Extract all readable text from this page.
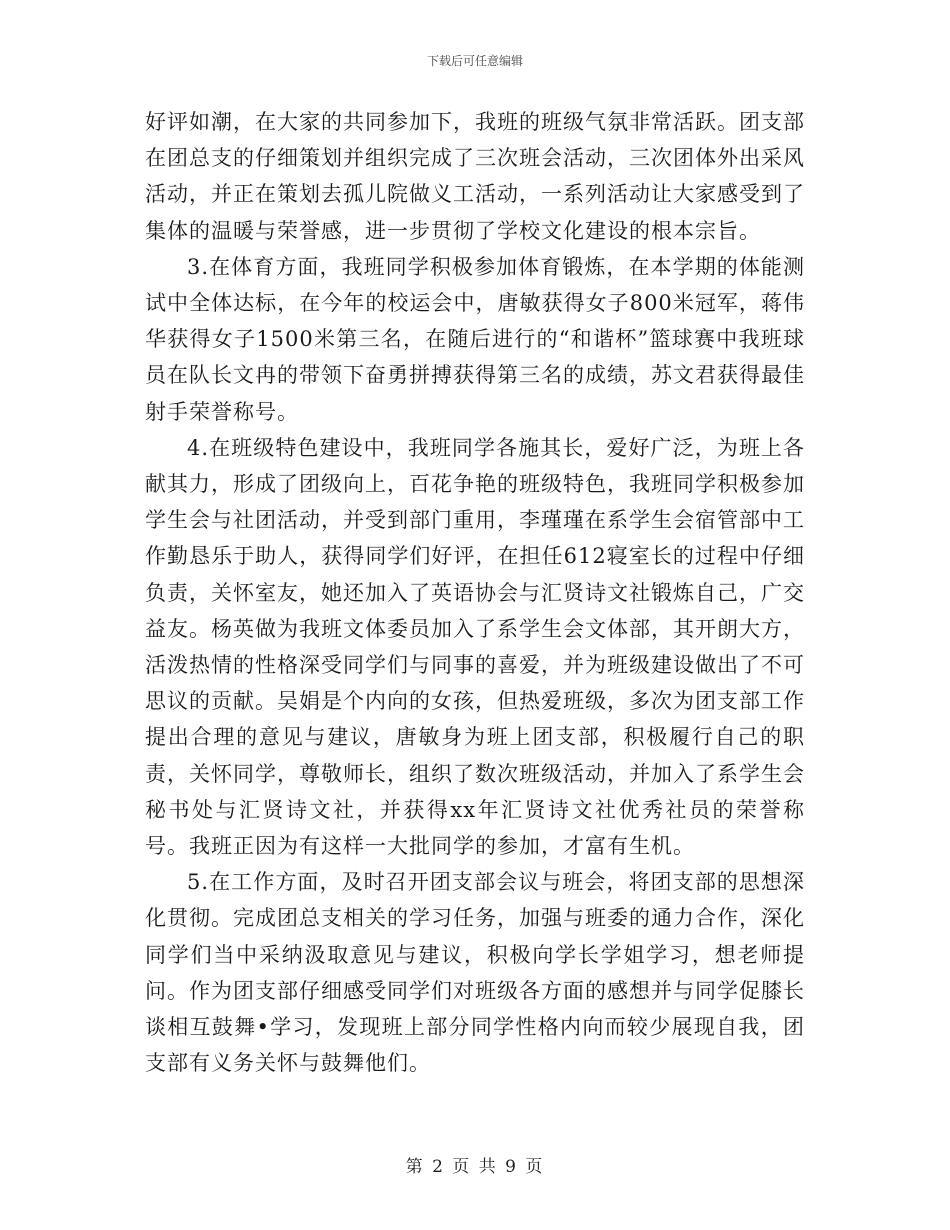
下载后可任意编辑

好评如潮，在大家的共同参加下，我班的班级气氛非常活跃。团支部在团总支的仔细策划并组织完成了三次班会活动，三次团体外出采风活动，并正在策划去孤儿院做义工活动，一系列活动让大家感受到了集体的温暖与荣誉感，进一步贯彻了学校文化建设的根本宗旨。

3.在体育方面，我班同学积极参加体育锻炼，在本学期的体能测试中全体达标，在今年的校运会中，唐敏获得女子800米冠军，蒋伟华获得女子1500米第三名，在随后进行的“和谐杯”篮球赛中我班球员在队长文冉的带领下奋勇拼搏获得第三名的成绩，苏文君获得最佳射手荣誉称号。

4.在班级特色建设中，我班同学各施其长，爱好广泛，为班上各献其力，形成了团级向上，百花争艳的班级特色，我班同学积极参加学生会与社团活动，并受到部门重用，李瑾瑾在系学生会宿管部中工作勤恳乐于助人，获得同学们好评，在担任612寝室长的过程中仔细负责，关怀室友，她还加入了英语协会与汇贤诗文社锻炼自己，广交益友。杨英做为我班文体委员加入了系学生会文体部，其开朗大方，活泼热情的性格深受同学们与同事的喜爱，并为班级建设做出了不可思议的贡献。吴娟是个内向的女孩，但热爱班级，多次为团支部工作提出合理的意见与建议，唐敏身为班上团支部，积极履行自己的职责，关怀同学，尊敬师长，组织了数次班级活动，并加入了系学生会秘书处与汇贤诗文社，并获得xx年汇贤诗文社优秀社员的荣誉称号。我班正因为有这样一大批同学的参加，才富有生机。

5.在工作方面，及时召开团支部会议与班会，将团支部的思想深化贯彻。完成团总支相关的学习任务，加强与班委的通力合作，深化同学们当中采纳汲取意见与建议，积极向学长学姐学习，想老师提问。作为团支部仔细感受同学们对班级各方面的感想并与同学促膝长谈相互鼓舞•学习，发现班上部分同学性格内向而较少展现自我，团支部有义务关怀与鼓舞他们。

第 2 页 共 9 页
